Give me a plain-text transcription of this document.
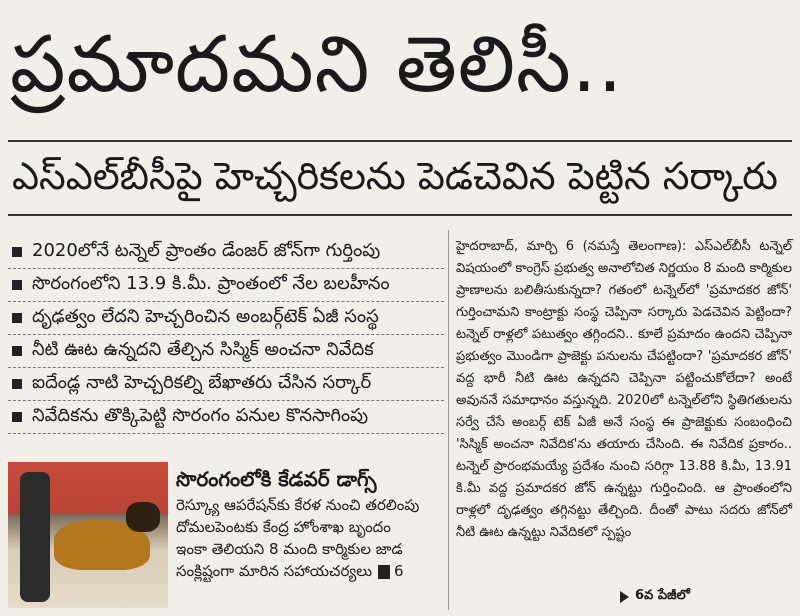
ప్రమాదమని తెలిసీ..
ఎస్‌ఎల్‌బీసీపై హెచ్చరికలను పెడచెవిన పెట్టిన సర్కారు
2020లోనే టన్నెల్‌ ప్రాంతం డేంజర్‌ జోన్‌గా గుర్తింపు
సొరంగంలోని 13.9 కి.మీ. ప్రాంతంలో నేల బలహీనం
దృఢత్వం లేదని హెచ్చరించిన అంబర్గ్‌టెక్‌ ఏజీ సంస్థ
నీటి ఊట ఉన్నదని తేల్చిన సిస్మిక్‌ అంచనా నివేదిక
ఐదేండ్ల నాటి హెచ్చరికల్ని బేఖాతరు చేసిన సర్కార్‌
నివేదికను తొక్కిపెట్టి సొరంగం పనుల కొనసాగింపు
సొరంగంలోకి కేడవర్‌ డాగ్స్‌
రెస్క్యూ ఆపరేషన్‌కు కేరళ నుంచి తరలింపు
దోమలపెంటకు కేంద్ర హోంశాఖ బృందం
ఇంకా తెలియని 8 మంది కార్మికుల జాడ
సంక్లిష్టంగా మారిన సహాయచర్యలు 6

హైదరాబాద్‌, మార్చి 6 (నమస్తే తెలంగాణ): ఎస్‌ఎల్‌బీసీ టన్నెల్‌ విషయంలో కాంగ్రెస్‌ ప్రభుత్వ అనాలోచిత నిర్ణయం 8 మంది కార్మికుల ప్రాణాలను బలితీసుకున్నదా? గతంలో టన్నెల్‌లో 'ప్రమాదకర జోన్‌' గుర్తించామని కాంట్రాక్టు సంస్థ చెప్పినా సర్కారు పెడచెవిన పెట్టిందా? టన్నెల్‌ రాళ్లలో పటుత్వం తగ్గిందని.. కూలే ప్రమాదం ఉందని చెప్పినా ప్రభుత్వం మొండిగా ప్రాజెక్టు పనులను చేపట్టిందా? 'ప్రమాదకర జోన్‌' వద్ద భారీ నీటి ఊట ఉన్నదని చెప్పినా పట్టించుకోలేదా? అంటే అవుననే సమాధానం వస్తున్నది. 2020లో టన్నెల్‌లోని స్థితిగతులను సర్వే చేసే అంబర్గ్‌ టెక్‌ ఏజీ అనే సంస్థ ఈ ప్రాజెక్టుకు సంబంధించి 'సిస్మిక్‌ అంచనా నివేదిక'ను తయారు చేసింది. ఈ నివేదిక ప్రకారం.. టన్నెల్‌ ప్రారంభమయ్యే ప్రదేశం నుంచి సరిగ్గా 13.88 కి.మీ, 13.91 కి.మీ వద్ద ప్రమాదకర జోన్‌ ఉన్నట్టు గుర్తించింది. ఆ ప్రాంతంలోని రాళ్లలో దృఢత్వం తగ్గినట్టు తేల్చింది. దీంతో పాటు సదరు జోన్‌లో నీటి ఊట ఉన్నట్టు నివేదికలో స్పష్టం

6వ పేజీలో
